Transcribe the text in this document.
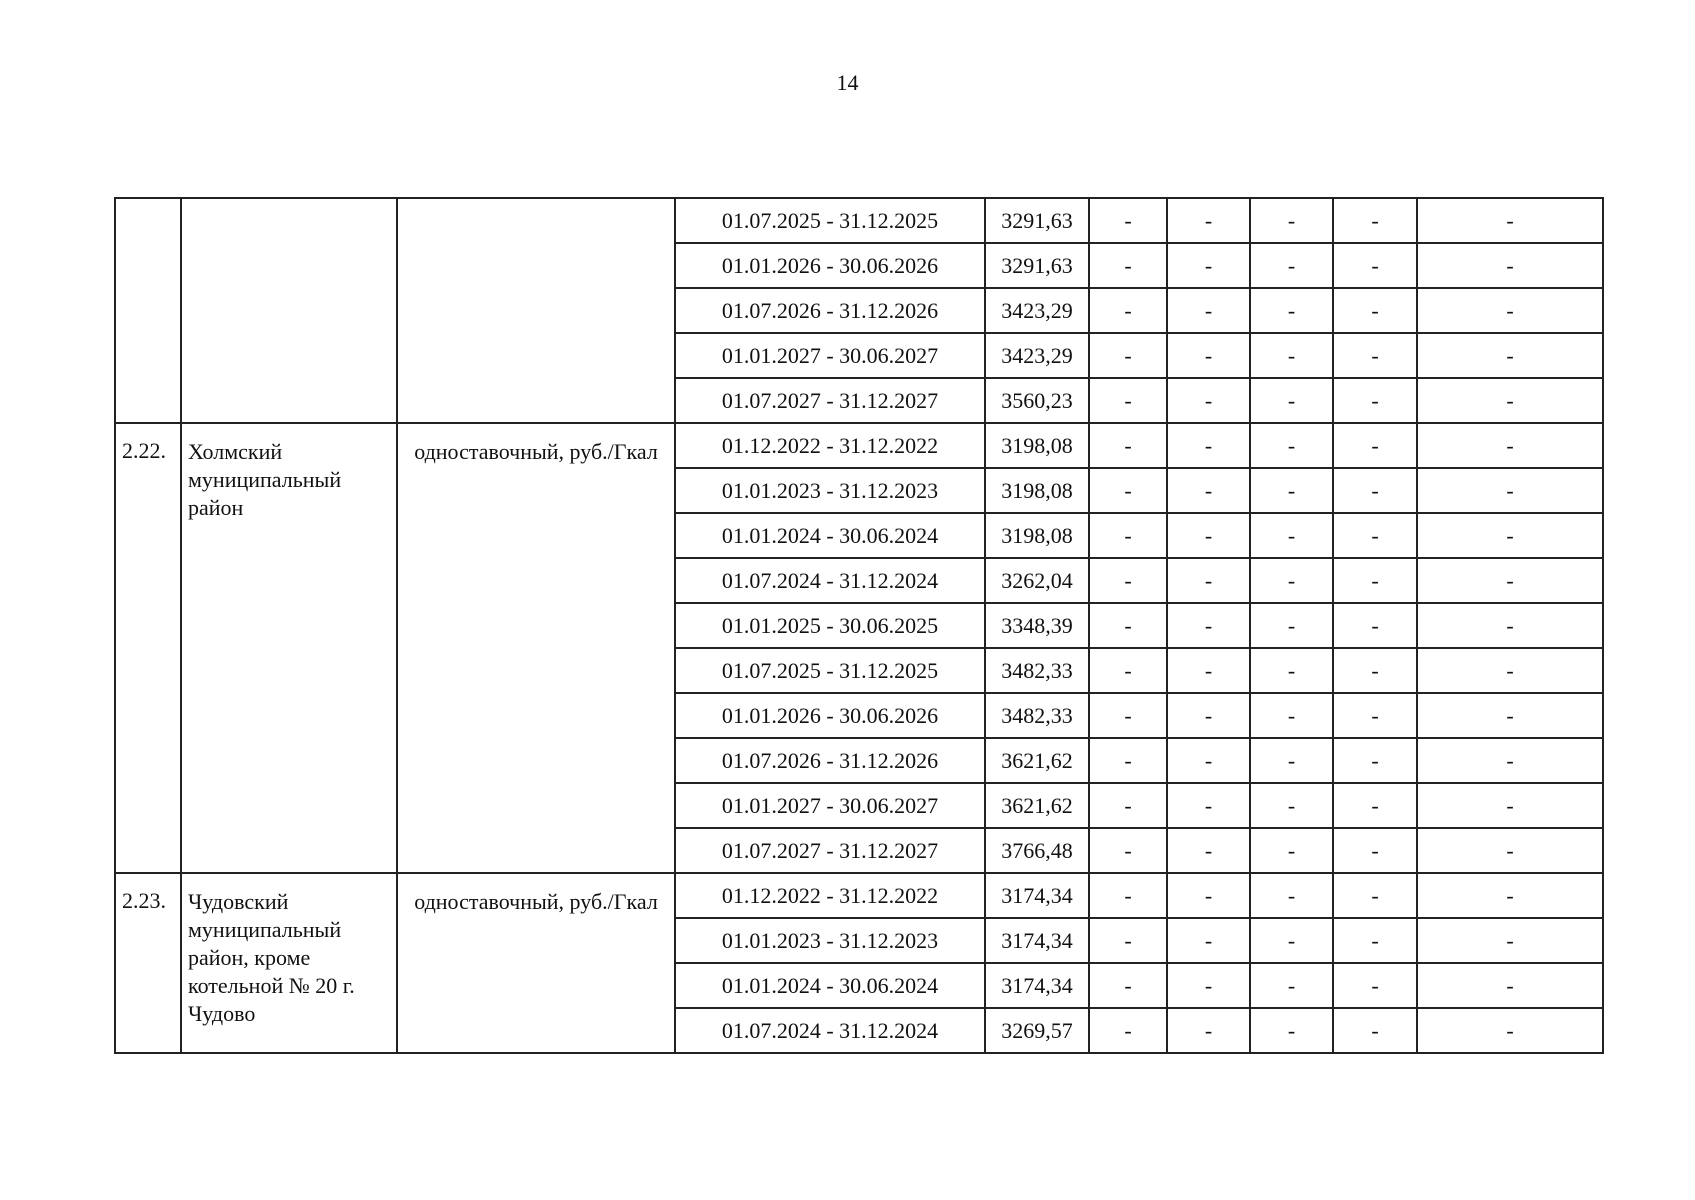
14
			01.07.2025 - 31.12.2025	3291,63	-	-	-	-	-
			01.01.2026 - 30.06.2026	3291,63	-	-	-	-	-
			01.07.2026 - 31.12.2026	3423,29	-	-	-	-	-
			01.01.2027 - 30.06.2027	3423,29	-	-	-	-	-
			01.07.2027 - 31.12.2027	3560,23	-	-	-	-	-
2.22.	Холмский муниципальный район	одноставочный, руб./Гкал	01.12.2022 - 31.12.2022	3198,08	-	-	-	-	-
			01.01.2023 - 31.12.2023	3198,08	-	-	-	-	-
			01.01.2024 - 30.06.2024	3198,08	-	-	-	-	-
			01.07.2024 - 31.12.2024	3262,04	-	-	-	-	-
			01.01.2025 - 30.06.2025	3348,39	-	-	-	-	-
			01.07.2025 - 31.12.2025	3482,33	-	-	-	-	-
			01.01.2026 - 30.06.2026	3482,33	-	-	-	-	-
			01.07.2026 - 31.12.2026	3621,62	-	-	-	-	-
			01.01.2027 - 30.06.2027	3621,62	-	-	-	-	-
			01.07.2027 - 31.12.2027	3766,48	-	-	-	-	-
2.23.	Чудовский муниципальный район, кроме котельной № 20 г. Чудово	одноставочный, руб./Гкал	01.12.2022 - 31.12.2022	3174,34	-	-	-	-	-
			01.01.2023 - 31.12.2023	3174,34	-	-	-	-	-
			01.01.2024 - 30.06.2024	3174,34	-	-	-	-	-
			01.07.2024 - 31.12.2024	3269,57	-	-	-	-	-
